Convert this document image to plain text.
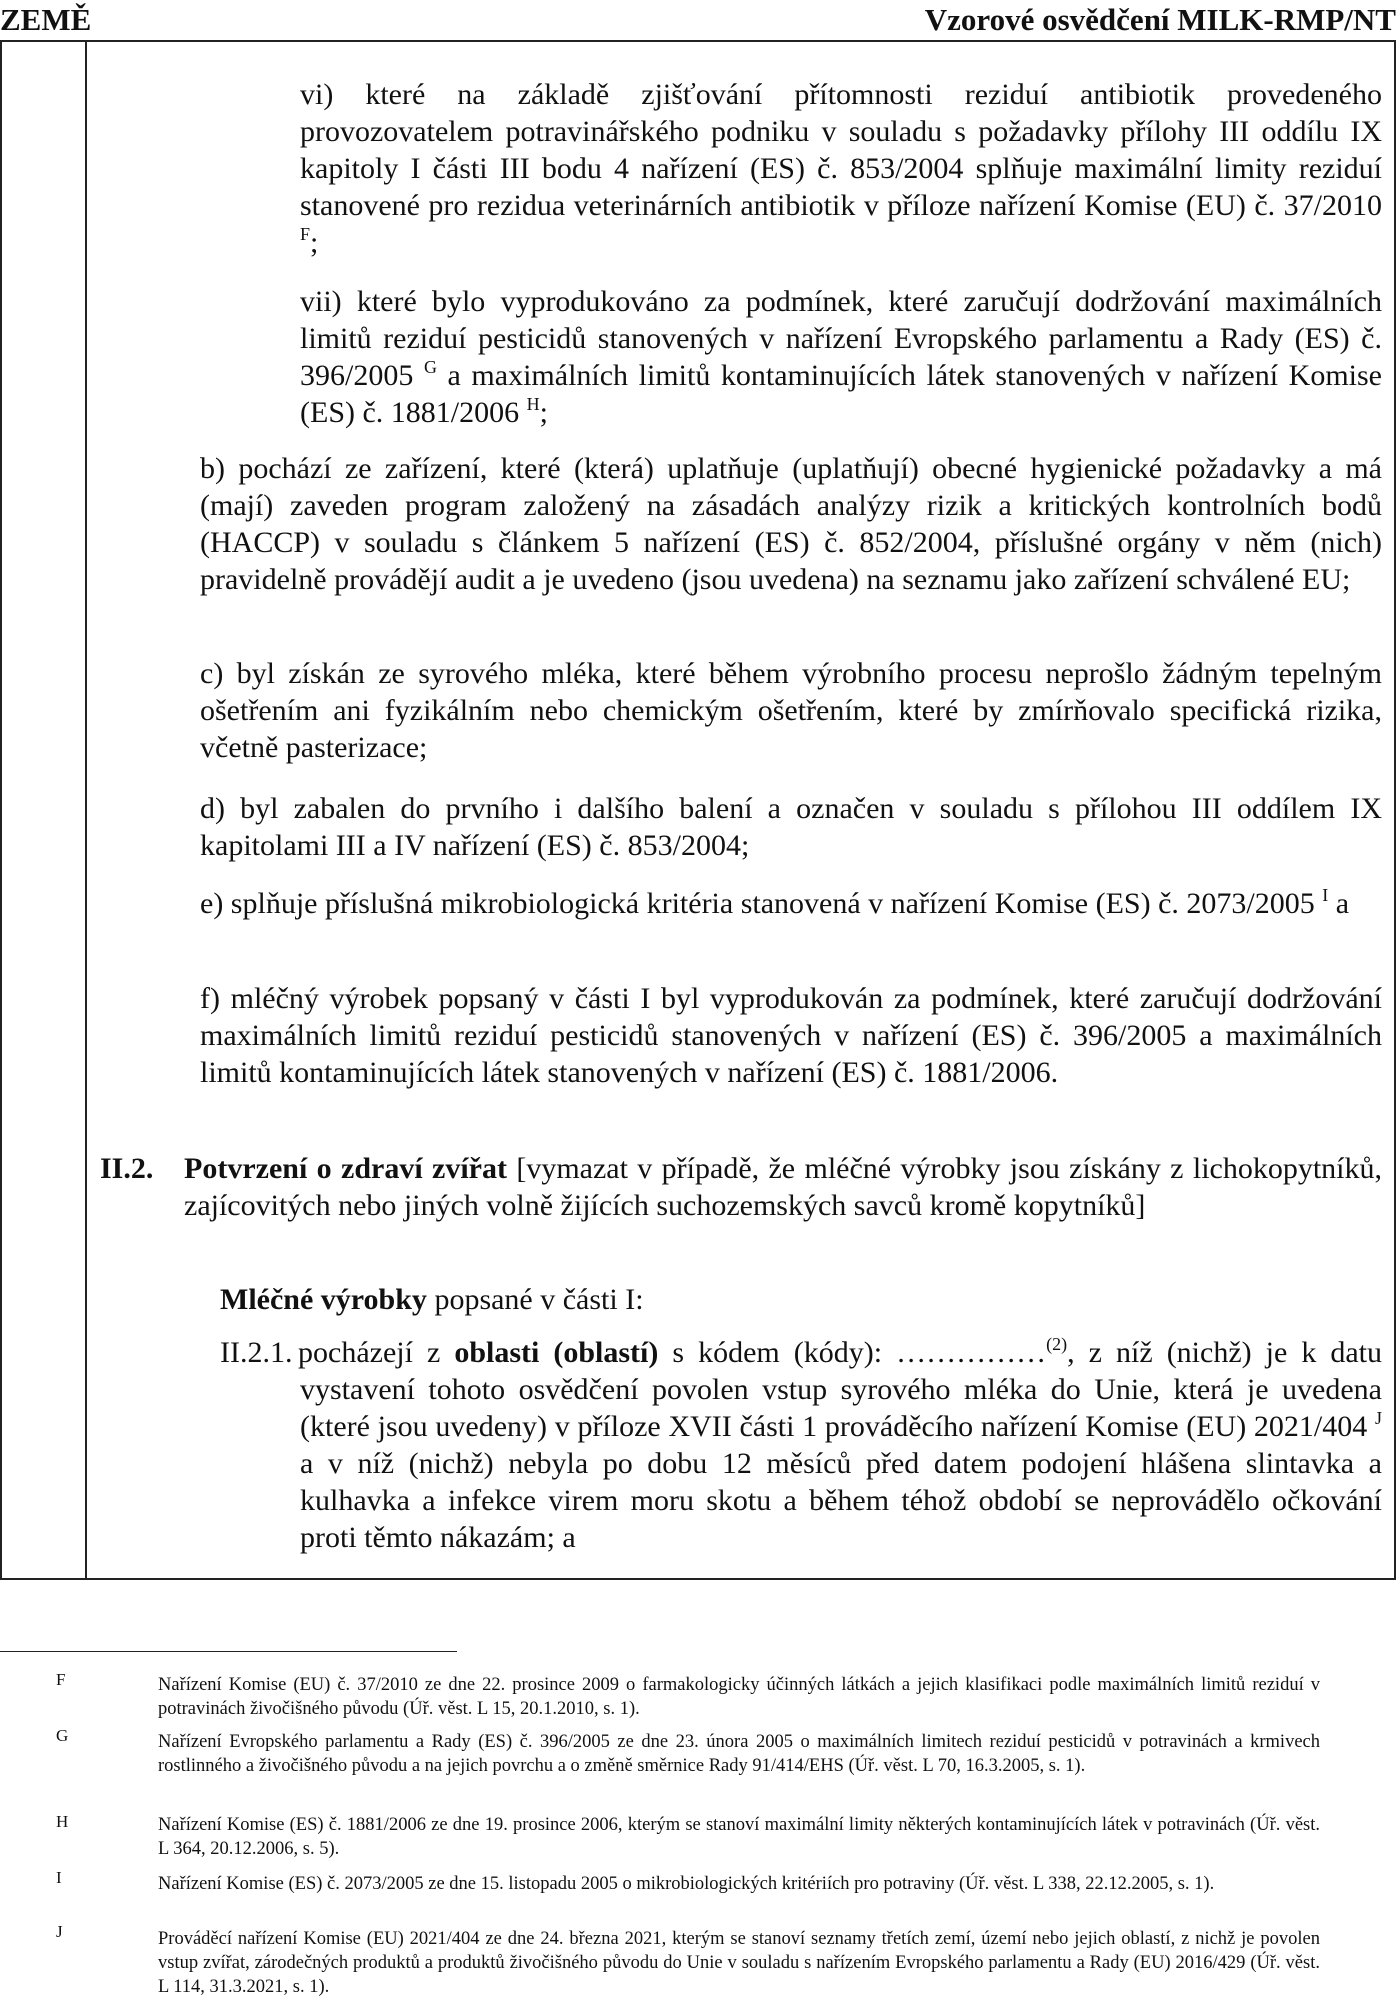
ZEMĚ	Vzorové osvědčení MILK-RMP/NT

vi) které na základě zjišťování přítomnosti reziduí antibiotik provedeného provozovatelem potravinářského podniku v souladu s požadavky přílohy III oddílu IX kapitoly I části III bodu 4 nařízení (ES) č. 853/2004 splňuje maximální limity reziduí stanovené pro rezidua veterinárních antibiotik v příloze nařízení Komise (EU) č. 37/2010 $^F$;

vii) které bylo vyprodukováno za podmínek, které zaručují dodržování maximálních limitů reziduí pesticidů stanovených v nařízení Evropského parlamentu a Rady (ES) č. 396/2005 $^G$ a maximálních limitů kontaminujících látek stanovených v nařízení Komise (ES) č. 1881/2006 $^H$;

b) pochází ze zařízení, které (která) uplatňuje (uplatňují) obecné hygienické požadavky a má (mají) zaveden program založený na zásadách analýzy rizik a kritických kontrolních bodů (HACCP) v souladu s článkem 5 nařízení (ES) č. 852/2004, příslušné orgány v něm (nich) pravidelně provádějí audit a je uvedeno (jsou uvedena) na seznamu jako zařízení schválené EU;

c) byl získán ze syrového mléka, které během výrobního procesu neprošlo žádným tepelným ošetřením ani fyzikálním nebo chemickým ošetřením, které by zmírňovalo specifická rizika, včetně pasterizace;

d) byl zabalen do prvního i dalšího balení a označen v souladu s přílohou III oddílem IX kapitolami III a IV nařízení (ES) č. 853/2004;

e) splňuje příslušná mikrobiologická kritéria stanovená v nařízení Komise (ES) č. 2073/2005 $^I$ a

f) mléčný výrobek popsaný v části I byl vyprodukován za podmínek, které zaručují dodržování maximálních limitů reziduí pesticidů stanovených v nařízení (ES) č. 396/2005 a maximálních limitů kontaminujících látek stanovených v nařízení (ES) č. 1881/2006.

II.2. Potvrzení o zdraví zvířat [vymazat v případě, že mléčné výrobky jsou získány z lichokopytníků, zajícovitých nebo jiných volně žijících suchozemských savců kromě kopytníků]

Mléčné výrobky popsané v části I:

II.2.1. pocházejí z oblasti (oblastí) s kódem (kódy): ……………$^{(2)}$, z níž (nichž) je k datu vystavení tohoto osvědčení povolen vstup syrového mléka do Unie, která je uvedena (které jsou uvedeny) v příloze XVII části 1 prováděcího nařízení Komise (EU) 2021/404 $^J$ a v níž (nichž) nebyla po dobu 12 měsíců před datem podojení hlášena slintavka a kulhavka a infekce virem moru skotu a během téhož období se neprovádělo očkování proti těmto nákazám; a

F	Nařízení Komise (EU) č. 37/2010 ze dne 22. prosince 2009 o farmakologicky účinných látkách a jejich klasifikaci podle maximálních limitů reziduí v potravinách živočišného původu (Úř. věst. L 15, 20.1.2010, s. 1).

G	Nařízení Evropského parlamentu a Rady (ES) č. 396/2005 ze dne 23. února 2005 o maximálních limitech reziduí pesticidů v potravinách a krmivech rostlinného a živočišného původu a na jejich povrchu a o změně směrnice Rady 91/414/EHS (Úř. věst. L 70, 16.3.2005, s. 1).

H	Nařízení Komise (ES) č. 1881/2006 ze dne 19. prosince 2006, kterým se stanoví maximální limity některých kontaminujících látek v potravinách (Úř. věst. L 364, 20.12.2006, s. 5).

I	Nařízení Komise (ES) č. 2073/2005 ze dne 15. listopadu 2005 o mikrobiologických kritériích pro potraviny (Úř. věst. L 338, 22.12.2005, s. 1).

J	Prováděcí nařízení Komise (EU) 2021/404 ze dne 24. března 2021, kterým se stanoví seznamy třetích zemí, území nebo jejich oblastí, z nichž je povolen vstup zvířat, zárodečných produktů a produktů živočišného původu do Unie v souladu s nařízením Evropského parlamentu a Rady (EU) 2016/429 (Úř. věst. L 114, 31.3.2021, s. 1).
